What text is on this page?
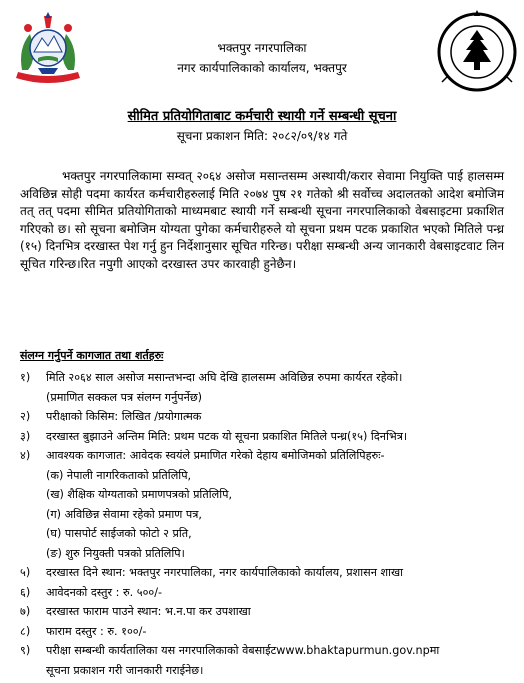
भक्तपुर नगरपालिका
नगर कार्यपालिकाको कार्यालय, भक्तपुर
सीमित प्रतियोगिताबाट कर्मचारी स्थायी गर्ने सम्बन्धी सूचना
सूचना प्रकाशन मिति: २०८२/०९/१४ गते
भक्तपुर नगरपालिकामा सम्वत् २०६४ असोज मसान्तसम्म अस्थायी/करार सेवामा नियुक्ति पाई हालसम्म अविछिन्न सोही पदमा कार्यरत कर्मचारीहरुलाई मिति २०७४ पुष २१ गतेको श्री सर्वोच्च अदालतको आदेश बमोजिम तत् तत् पदमा सीमित प्रतियोगिताको माध्यमबाट स्थायी गर्ने सम्बन्धी सूचना नगरपालिकाको वेबसाइटमा प्रकाशित गरिएको छ। सो सूचना बमोजिम योग्यता पुगेका कर्मचारीहरुले यो सूचना प्रथम पटक प्रकाशित भएको मितिले पन्ध्र (१५) दिनभित्र दरखास्त पेश गर्नु हुन निर्देशानुसार सूचित गरिन्छ। परीक्षा सम्बन्धी अन्य जानकारी वेबसाइटवाट लिन सूचित गरिन्छ।रित नपुगी आएको दरखास्त उपर कारवाही हुनेछैन।
संलग्न गर्नुपर्ने कागजात तथा शर्तहरुः
१)	मिति २०६४ साल असोज मसान्तभन्दा अघि देखि हालसम्म अविछिन्न रुपमा कार्यरत रहेको।
(प्रमाणित सक्कल पत्र संलग्न गर्नुपर्नेछ)
२)	परीक्षाको किसिम: लिखित /प्रयोगात्मक
३)	दरखास्त बुझाउने अन्तिम मिति: प्रथम पटक यो सूचना प्रकाशित मितिले पन्ध्र(१५) दिनभित्र।
४)	आवश्यक कागजात: आवेदक स्वयंले प्रमाणित गरेको देहाय बमोजिमको प्रतिलिपिहरुः-
(क) नेपाली नागरिकताको प्रतिलिपि,
(ख) शैक्षिक योग्यताको प्रमाणपत्रको प्रतिलिपि,
(ग) अविछिन्न सेवामा रहेको प्रमाण पत्र,
(घ) पासपोर्ट साईजको फोटो २ प्रति,
(ङ) शुरु नियुक्ती पत्रको प्रतिलिपि।
५)	दरखास्त दिने स्थान: भक्तपुर नगरपालिका, नगर कार्यपालिकाको कार्यालय, प्रशासन शाखा
६)	आवेदनको दस्तुर : रु. ५००/-
७)	दरखास्त फाराम पाउने स्थान: भ.न.पा कर उपशाखा
८)	फाराम दस्तुर : रु. १००/-
९)	परीक्षा सम्बन्धी कार्यतालिका यस नगरपालिकाको वेबसाईटwww.bhaktapurmun.gov.npमा
सूचना प्रकाशन गरी जानकारी गराईनेछ।
